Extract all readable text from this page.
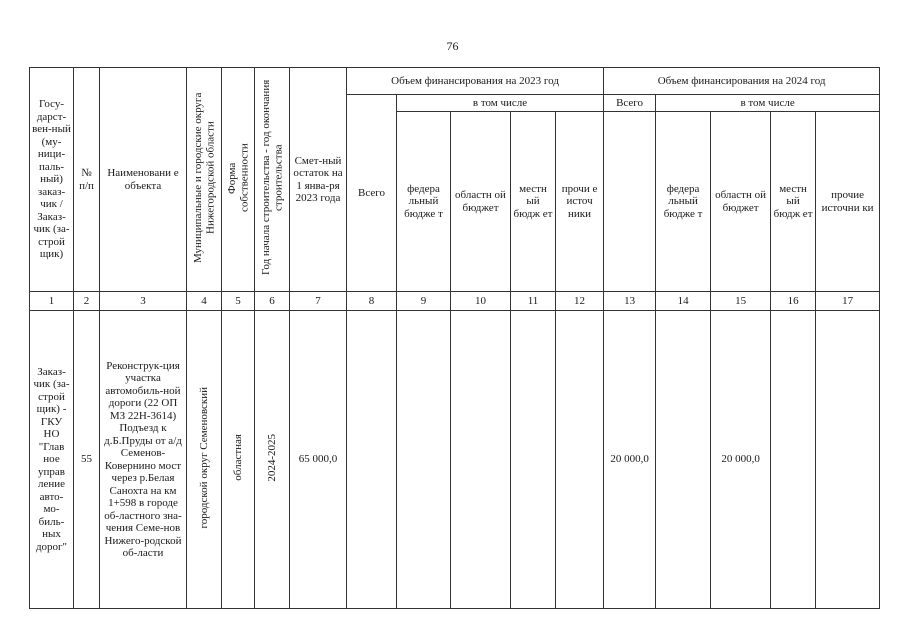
76
Госу-дарст-вен-ный (му-ници-паль-ный) заказ-чик / Заказ-чик (за-строй щик)	№ п/п	Наименовани е объекта	Муниципальные и городские округа Нижегородской области	Форма собственности	Год начала строительства - год окончания строительства	Смет-ный остаток на 1 янва-ря 2023 года	Объем финансирования на 2023 год					Объем финансирования на 2024 год				
							Всего	в том числе				Всего	в том числе			
								федера льный бюдже т	областн ой бюджет	местн ый бюдж ет	прочи е источ ники		федера льный бюдже т	областн ой бюджет	местн ый бюдж ет	прочие источни ки

1	2	3	4	5	6	7	8	9	10	11	12	13	14	15	16	17
Заказ-чик (за-строй щик) - ГКУ НО "Глав ное управ ление авто-мо-биль-ных дорог"	55	Реконструк-ция участка автомобиль-ной дороги (22 ОП МЗ 22Н-3614) Подъезд к д.Б.Пруды от а/д Семенов-Ковернино мост через р.Белая Санохта на км 1+598 в городе об-ластного зна-чения Семе-нов Нижего-родской об-ласти	городской округ Семеновский	областная	2024-2025	65 000,0						20 000,0		20 000,0		
